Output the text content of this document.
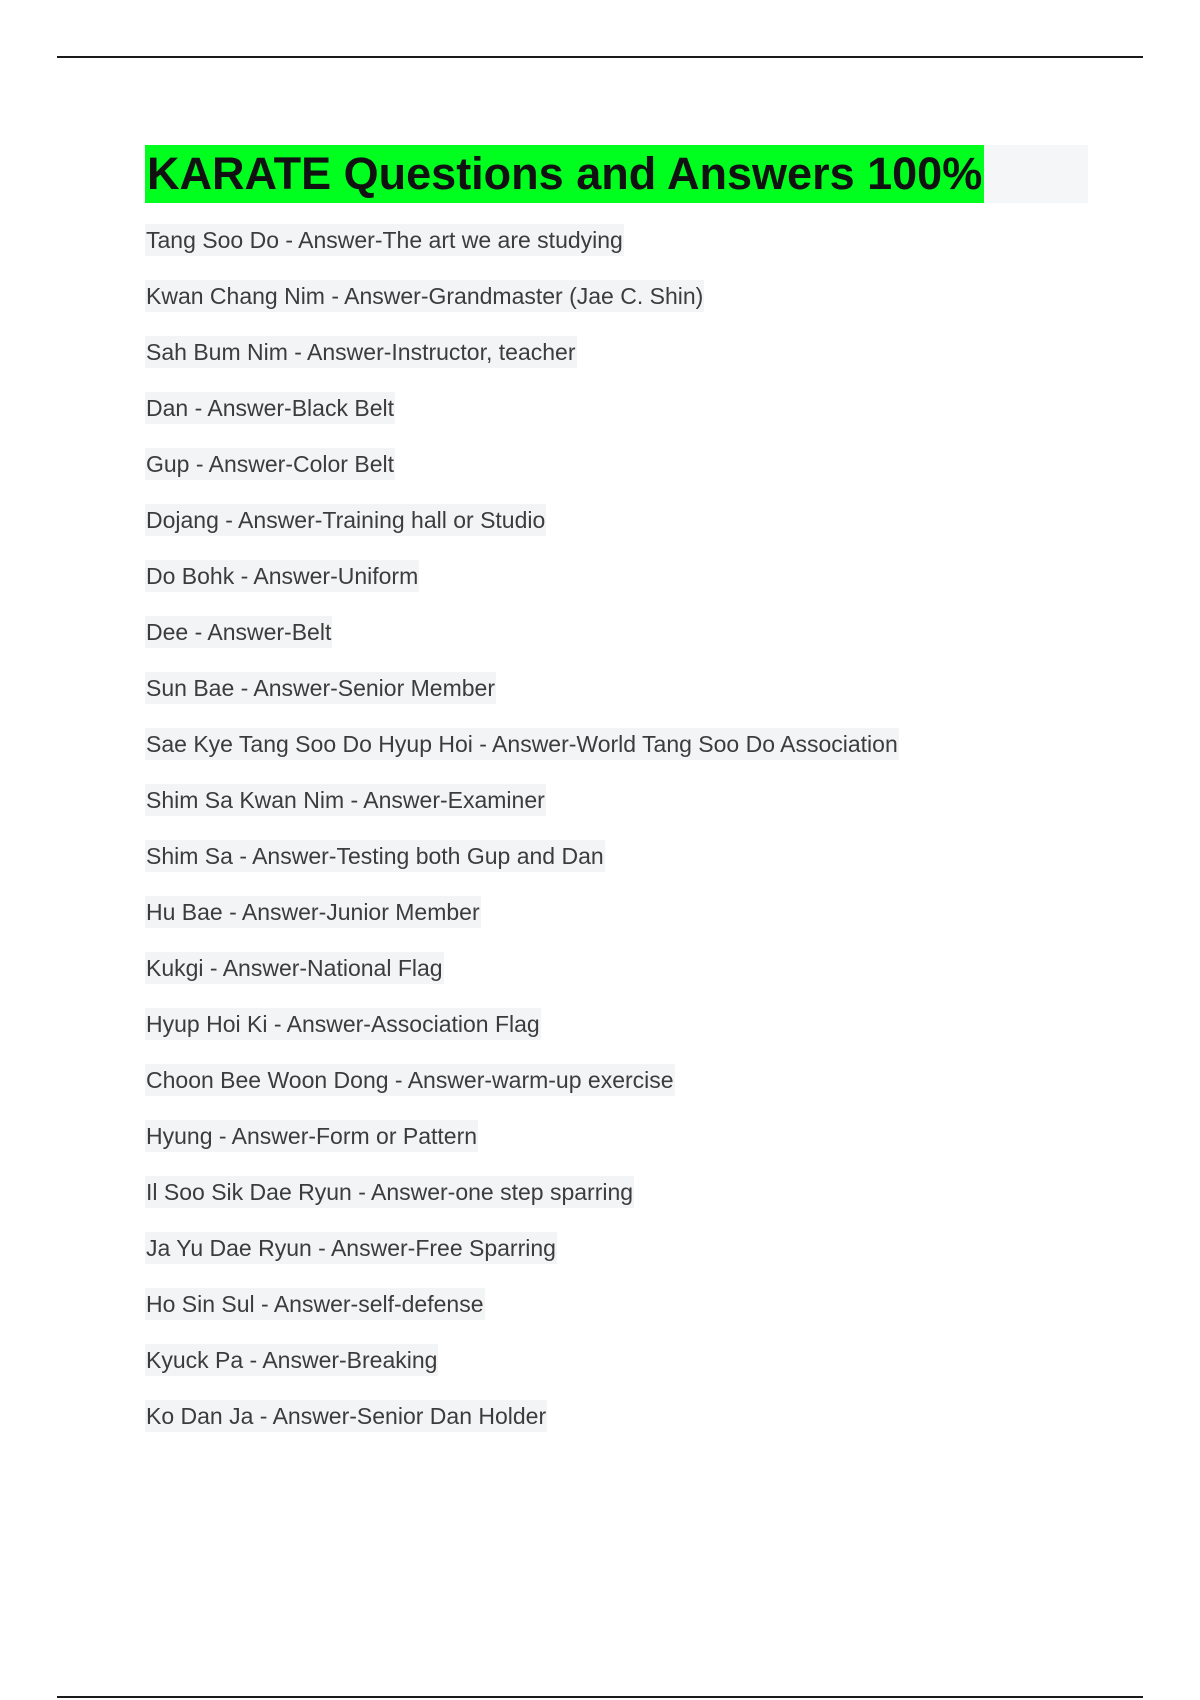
KARATE Questions and Answers 100%
Tang Soo Do - Answer-The art we are studying
Kwan Chang Nim - Answer-Grandmaster (Jae C. Shin)
Sah Bum Nim - Answer-Instructor, teacher
Dan - Answer-Black Belt
Gup - Answer-Color Belt
Dojang - Answer-Training hall or Studio
Do Bohk - Answer-Uniform
Dee - Answer-Belt
Sun Bae - Answer-Senior Member
Sae Kye Tang Soo Do Hyup Hoi - Answer-World Tang Soo Do Association
Shim Sa Kwan Nim - Answer-Examiner
Shim Sa - Answer-Testing both Gup and Dan
Hu Bae - Answer-Junior Member
Kukgi - Answer-National Flag
Hyup Hoi Ki - Answer-Association Flag
Choon Bee Woon Dong - Answer-warm-up exercise
Hyung - Answer-Form or Pattern
Il Soo Sik Dae Ryun - Answer-one step sparring
Ja Yu Dae Ryun - Answer-Free Sparring
Ho Sin Sul - Answer-self-defense
Kyuck Pa - Answer-Breaking
Ko Dan Ja - Answer-Senior Dan Holder
